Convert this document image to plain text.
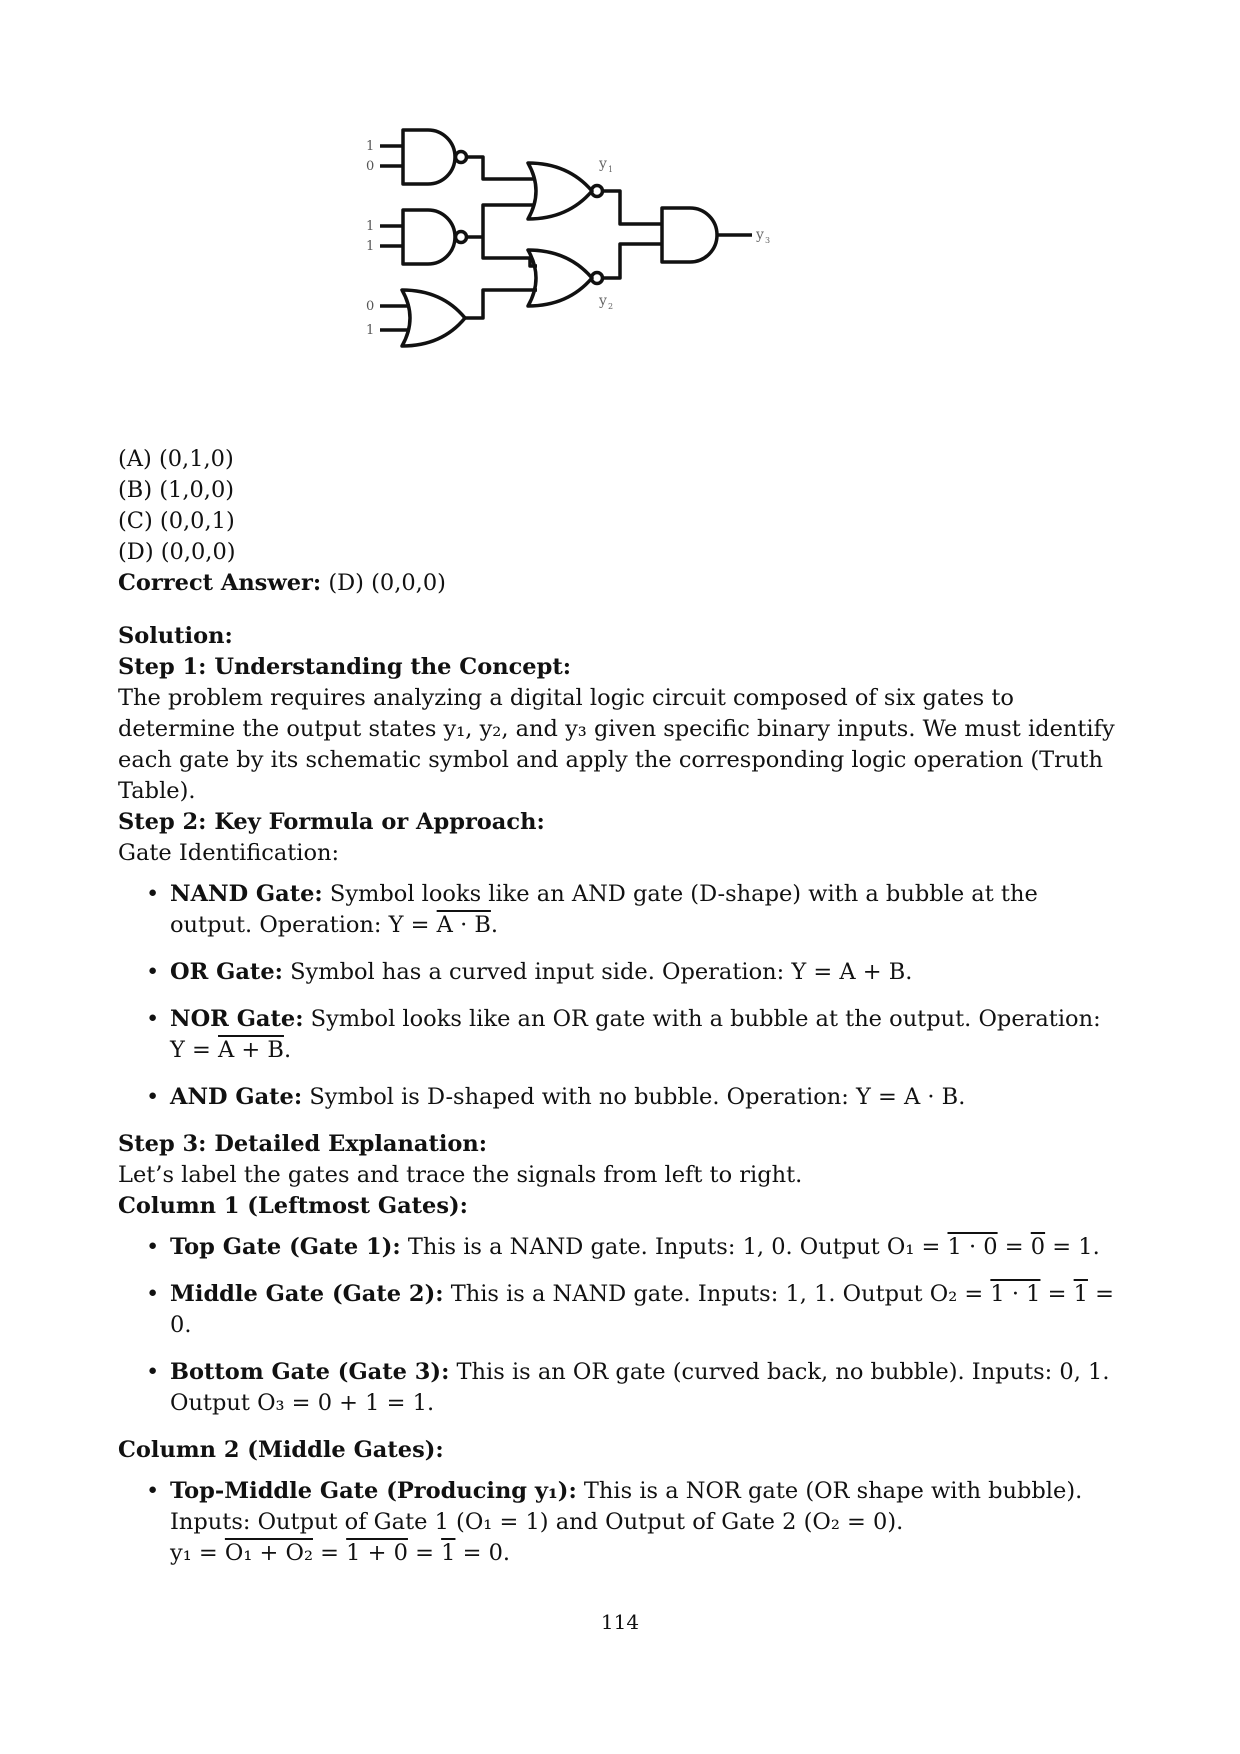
1
0
1
1
0
1
y 1
y 2
y 3

(A) (0,1,0)

(B) (1,0,0)

(C) (0,0,1)

(D) (0,0,0)

Correct Answer: (D) (0,0,0)

Solution:

Step 1: Understanding the Concept:

The problem requires analyzing a digital logic circuit composed of six gates to determine the output states y₁, y₂, and y₃ given specific binary inputs. We must identify each gate by its schematic symbol and apply the corresponding logic operation (Truth Table).

Step 2: Key Formula or Approach:

Gate Identification:

• NAND Gate: Symbol looks like an AND gate (D-shape) with a bubble at the output. Operation: Y = A · B.
• OR Gate: Symbol has a curved input side. Operation: Y = A + B.
• NOR Gate: Symbol looks like an OR gate with a bubble at the output. Operation: Y = A + B.
• AND Gate: Symbol is D-shaped with no bubble. Operation: Y = A · B.

Step 3: Detailed Explanation:

Let’s label the gates and trace the signals from left to right.

Column 1 (Leftmost Gates):

• Top Gate (Gate 1): This is a NAND gate. Inputs: 1, 0. Output O₁ = 1 · 0 = 0 = 1.
• Middle Gate (Gate 2): This is a NAND gate. Inputs: 1, 1. Output O₂ = 1 · 1 = 1 = 0.
• Bottom Gate (Gate 3): This is an OR gate (curved back, no bubble). Inputs: 0, 1. Output O₃ = 0 + 1 = 1.

Column 2 (Middle Gates):

• Top-Middle Gate (Producing y₁): This is a NOR gate (OR shape with bubble). Inputs: Output of Gate 1 (O₁ = 1) and Output of Gate 2 (O₂ = 0).
y₁ = O₁ + O₂ = 1 + 0 = 1 = 0.
114
